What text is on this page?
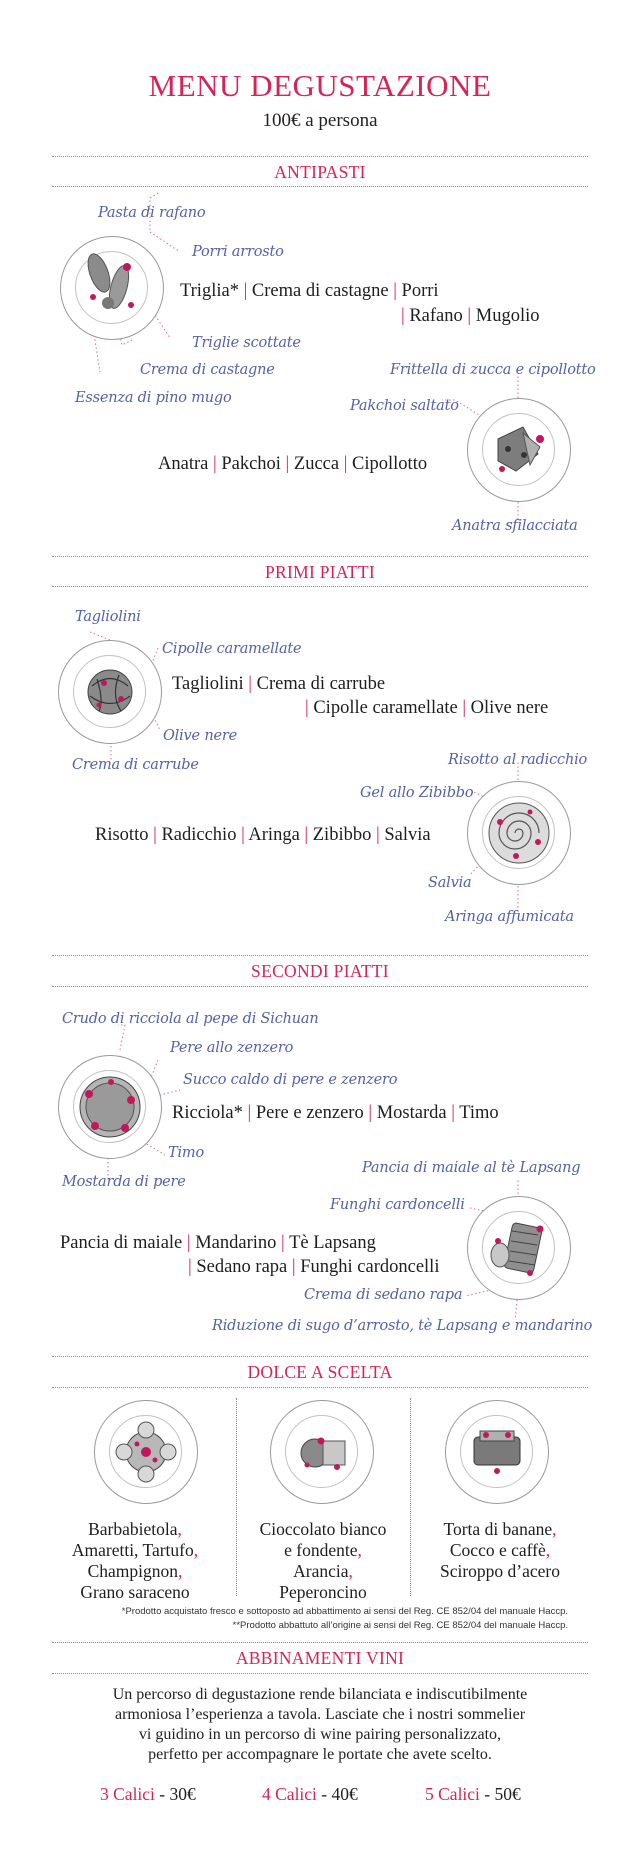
MENU DEGUSTAZIONE
100€ a persona
ANTIPASTI
Pasta di rafano
Porri arrosto
Triglia* | Crema di castagne | Porri
| Rafano | Mugolio
Triglie scottate
Crema di castagne
Essenza di pino mugo
Frittella di zucca e cipollotto
Pakchoi saltato
Anatra | Pakchoi | Zucca | Cipollotto
Anatra sfilacciata
PRIMI PIATTI
Tagliolini
Cipolle caramellate
Tagliolini | Crema di carrube
| Cipolle caramellate | Olive nere
Olive nere
Crema di carrube	Risotto al radicchio
Gel allo Zibibbo
Risotto | Radicchio | Aringa | Zibibbo | Salvia
Salvia
Aringa affumicata
SECONDI PIATTI
Crudo di ricciola al pepe di Sichuan
Pere allo zenzero
Succo caldo di pere e zenzero
Ricciola* | Pere e zenzero | Mostarda | Timo
Timo
Mostarda di pere
Pancia di maiale al tè Lapsang
Funghi cardoncelli
Pancia di maiale | Mandarino | Tè Lapsang
| Sedano rapa | Funghi cardoncelli
Crema di sedano rapa
Riduzione di sugo d’arrosto, tè Lapsang e mandarino
DOLCE A SCELTA
Barbabietola,
Amaretti, Tartufo,
Champignon,
Grano saraceno
Cioccolato bianco
e fondente,
Arancia,
Peperoncino
Torta di banane,
Cocco e caffè,
Sciroppo d’acero
*Prodotto acquistato fresco e sottoposto ad abbattimento ai sensi del Reg. CE 852/04 del manuale Haccp.
**Prodotto abbattuto all’origine ai sensi del Reg. CE 852/04 del manuale Haccp.
ABBINAMENTI VINI
Un percorso di degustazione rende bilanciata e indiscutibilmente
armoniosa l’esperienza a tavola. Lasciate che i nostri sommelier
vi guidino in un percorso di wine pairing personalizzato,
perfetto per accompagnare le portate che avete scelto.
3 Calici - 30€	4 Calici - 40€	5 Calici - 50€
